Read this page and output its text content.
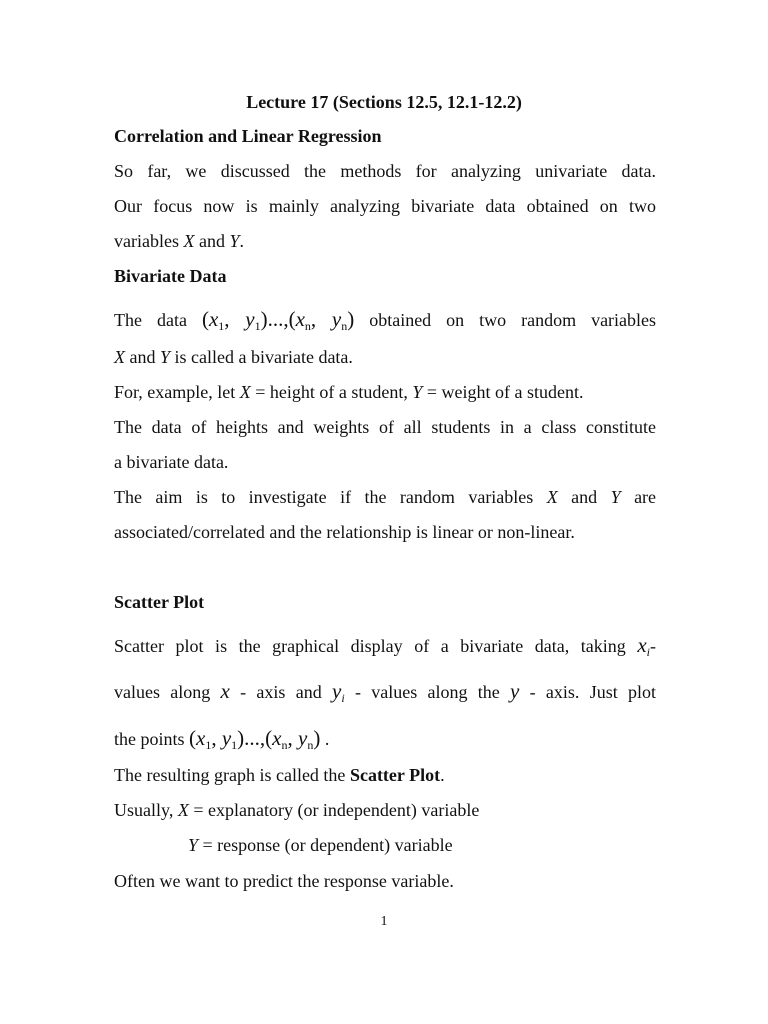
Lecture 17 (Sections 12.5, 12.1-12.2)
Correlation and Linear Regression
So far, we discussed the methods for analyzing univariate data.
Our focus now is mainly analyzing bivariate data obtained on two
variables X and Y.
Bivariate Data
The data (x1, y1)...,(xn, yn) obtained on two random variables
X and Y is called a bivariate data.
For, example, let X = height of a student, Y = weight of a student.
The data of heights and weights of all students in a class constitute
a bivariate data.
The aim is to investigate if the random variables X and Y are
associated/correlated and the relationship is linear or non-linear.
Scatter Plot
Scatter plot is the graphical display of a bivariate data, taking xi-
values along x - axis and yi - values along the y - axis. Just plot
the points (x1, y1)...,(xn, yn) .
The resulting graph is called the Scatter Plot.
Usually, X = explanatory (or independent) variable
Y = response (or dependent) variable
Often we want to predict the response variable.
1
